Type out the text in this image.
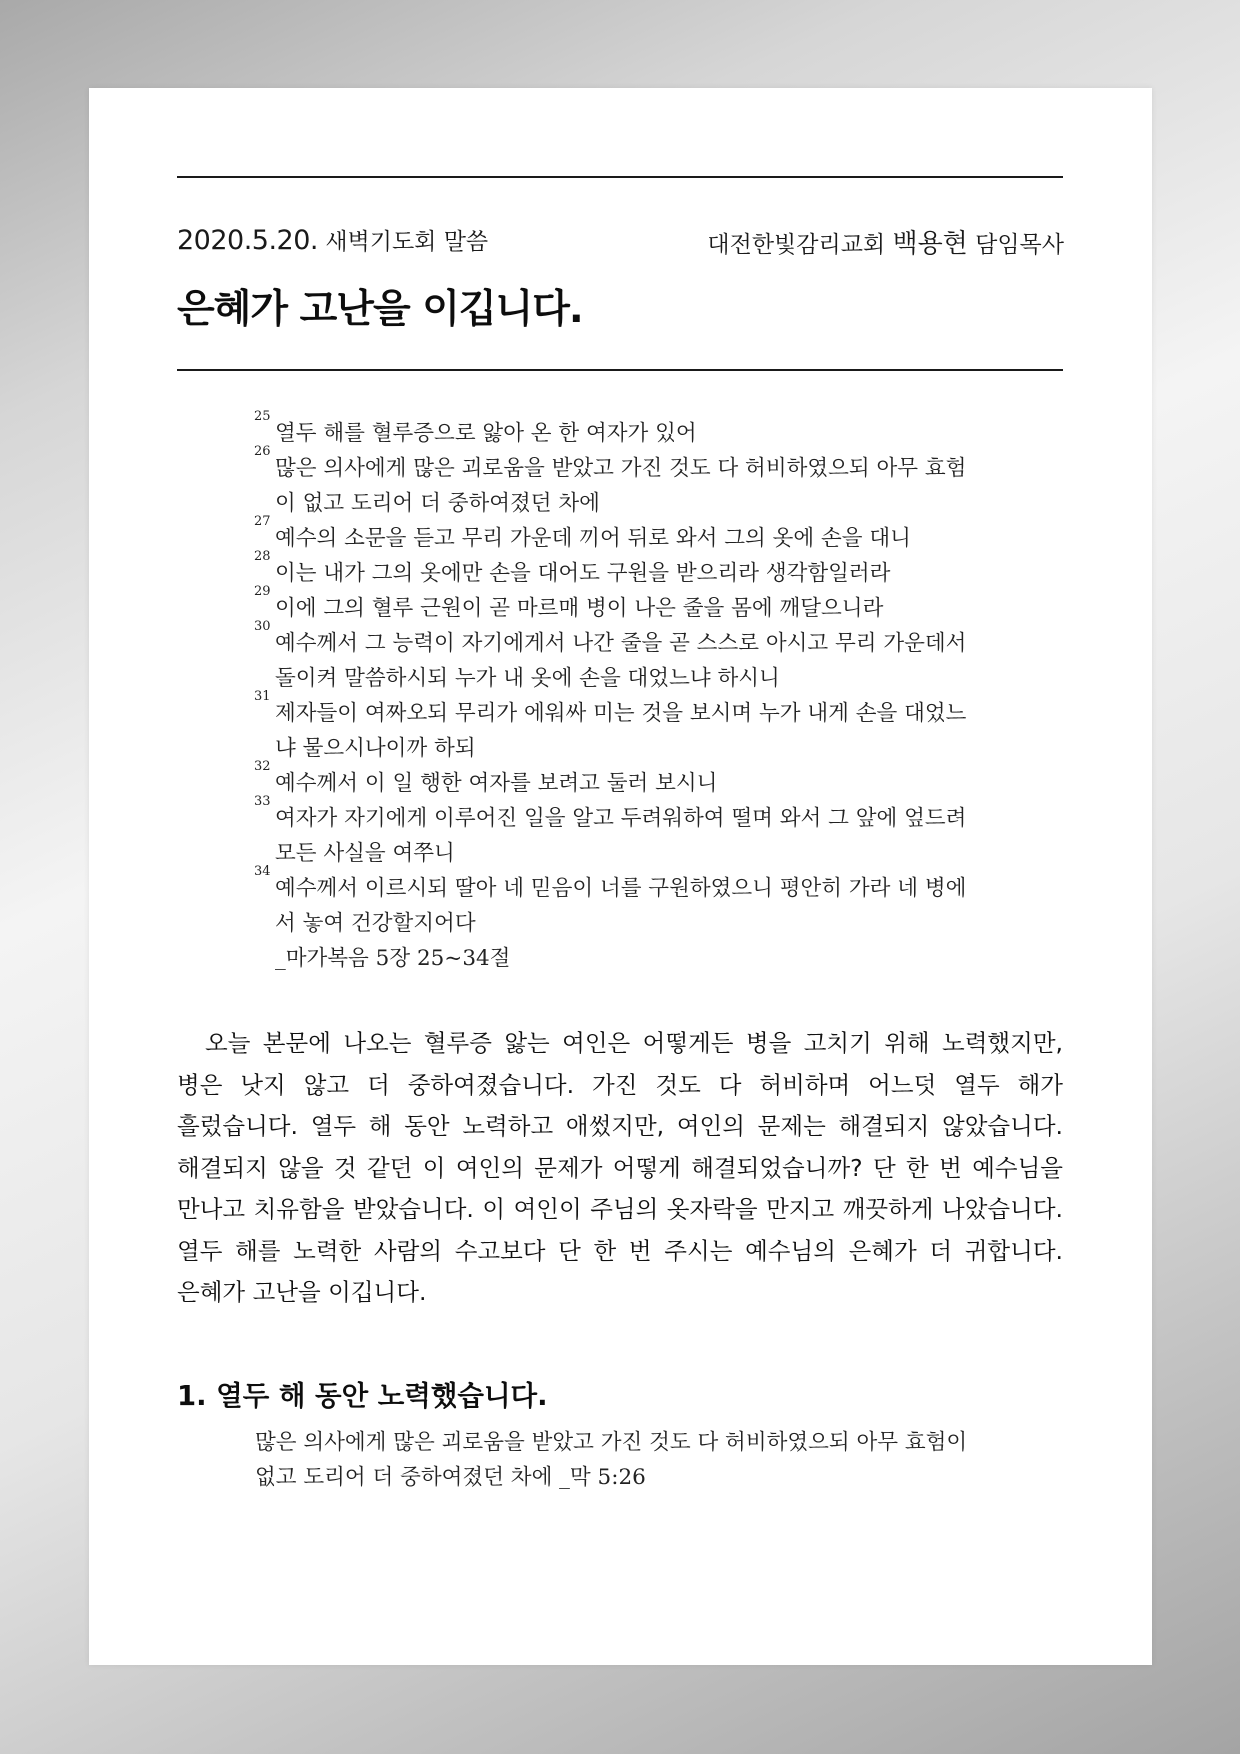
2020.5.20. 새벽기도회 말씀	대전한빛감리교회 백용현 담임목사
은혜가 고난을 이깁니다.
25
열두 해를 혈루증으로 앓아 온 한 여자가 있어
26
많은 의사에게 많은 괴로움을 받았고 가진 것도 다 허비하였으되 아무 효험이 없고 도리어 더 중하여졌던 차에
27
예수의 소문을 듣고 무리 가운데 끼어 뒤로 와서 그의 옷에 손을 대니
28
이는 내가 그의 옷에만 손을 대어도 구원을 받으리라 생각함일러라
29
이에 그의 혈루 근원이 곧 마르매 병이 나은 줄을 몸에 깨달으니라
30
예수께서 그 능력이 자기에게서 나간 줄을 곧 스스로 아시고 무리 가운데서 돌이켜 말씀하시되 누가 내 옷에 손을 대었느냐 하시니
31
제자들이 여짜오되 무리가 에워싸 미는 것을 보시며 누가 내게 손을 대었느냐 물으시나이까 하되
32
예수께서 이 일 행한 여자를 보려고 둘러 보시니
33
여자가 자기에게 이루어진 일을 알고 두려워하여 떨며 와서 그 앞에 엎드려 모든 사실을 여쭈니
34
예수께서 이르시되 딸아 네 믿음이 너를 구원하였으니 평안히 가라 네 병에서 놓여 건강할지어다
_마가복음 5장 25~34절

오늘 본문에 나오는 혈루증 앓는 여인은 어떻게든 병을 고치기 위해 노력했지만, 병은 낫지 않고 더 중하여졌습니다. 가진 것도 다 허비하며 어느덧 열두 해가 흘렀습니다. 열두 해 동안 노력하고 애썼지만, 여인의 문제는 해결되지 않았습니다. 해결되지 않을 것 같던 이 여인의 문제가 어떻게 해결되었습니까? 단 한 번 예수님을 만나고 치유함을 받았습니다. 이 여인이 주님의 옷자락을 만지고 깨끗하게 나았습니다. 열두 해를 노력한 사람의 수고보다 단 한 번 주시는 예수님의 은혜가 더 귀합니다. 은혜가 고난을 이깁니다.

1. 열두 해 동안 노력했습니다.

많은 의사에게 많은 괴로움을 받았고 가진 것도 다 허비하였으되 아무 효험이 없고 도리어 더 중하여졌던 차에 _막 5:26
